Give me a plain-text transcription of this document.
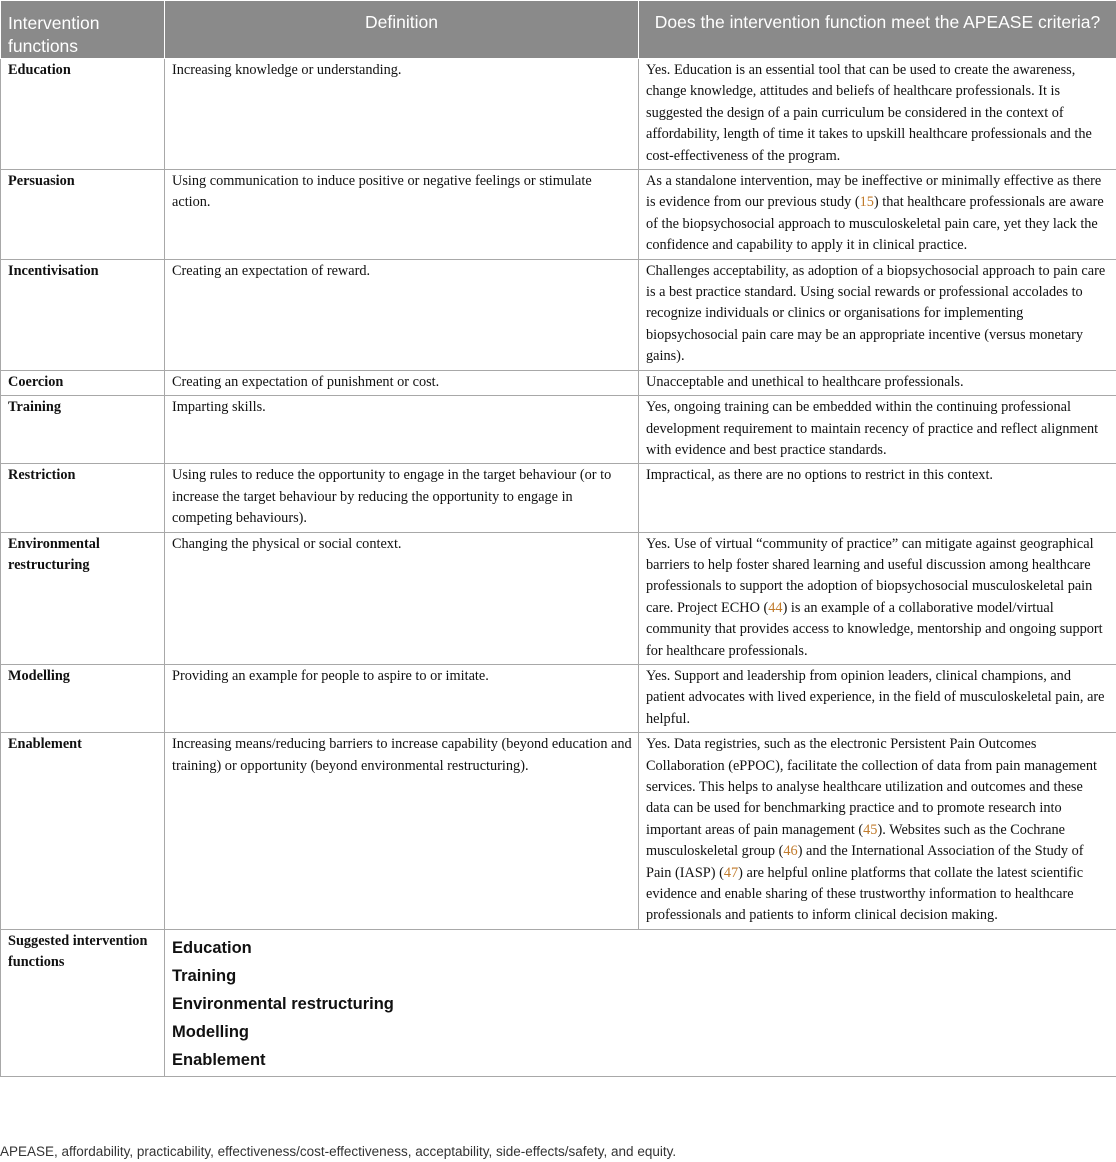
Intervention functions	Definition	Does the intervention function meet the APEASE criteria?
Education	Increasing knowledge or understanding.	Yes. Education is an essential tool that can be used to create the awareness, change knowledge, attitudes and beliefs of healthcare professionals. It is suggested the design of a pain curriculum be considered in the context of affordability, length of time it takes to upskill healthcare professionals and the cost-effectiveness of the program.
Persuasion	Using communication to induce positive or negative feelings or stimulate action.	As a standalone intervention, may be ineffective or minimally effective as there is evidence from our previous study (15) that healthcare professionals are aware of the biopsychosocial approach to musculoskeletal pain care, yet they lack the confidence and capability to apply it in clinical practice.
Incentivisation	Creating an expectation of reward.	Challenges acceptability, as adoption of a biopsychosocial approach to pain care is a best practice standard. Using social rewards or professional accolades to recognize individuals or clinics or organisations for implementing biopsychosocial pain care may be an appropriate incentive (versus monetary gains).
Coercion	Creating an expectation of punishment or cost.	Unacceptable and unethical to healthcare professionals.
Training	Imparting skills.	Yes, ongoing training can be embedded within the continuing professional development requirement to maintain recency of practice and reflect alignment with evidence and best practice standards.
Restriction	Using rules to reduce the opportunity to engage in the target behaviour (or to increase the target behaviour by reducing the opportunity to engage in competing behaviours).	Impractical, as there are no options to restrict in this context.
Environmental restructuring	Changing the physical or social context.	Yes. Use of virtual “community of practice” can mitigate against geographical barriers to help foster shared learning and useful discussion among healthcare professionals to support the adoption of biopsychosocial musculoskeletal pain care. Project ECHO (44) is an example of a collaborative model/virtual community that provides access to knowledge, mentorship and ongoing support for healthcare professionals.
Modelling	Providing an example for people to aspire to or imitate.	Yes. Support and leadership from opinion leaders, clinical champions, and patient advocates with lived experience, in the field of musculoskeletal pain, are helpful.
Enablement	Increasing means/reducing barriers to increase capability (beyond education and training) or opportunity (beyond environmental restructuring).	Yes. Data registries, such as the electronic Persistent Pain Outcomes Collaboration (ePPOC), facilitate the collection of data from pain management services. This helps to analyse healthcare utilization and outcomes and these data can be used for benchmarking practice and to promote research into important areas of pain management (45). Websites such as the Cochrane musculoskeletal group (46) and the International Association of the Study of Pain (IASP) (47) are helpful online platforms that collate the latest scientific evidence and enable sharing of these trustworthy information to healthcare professionals and patients to inform clinical decision making.
Suggested intervention functions	Education
Training
Environmental restructuring
Modelling
Enablement	
APEASE, affordability, practicability, effectiveness/cost-effectiveness, acceptability, side-effects/safety, and equity.
